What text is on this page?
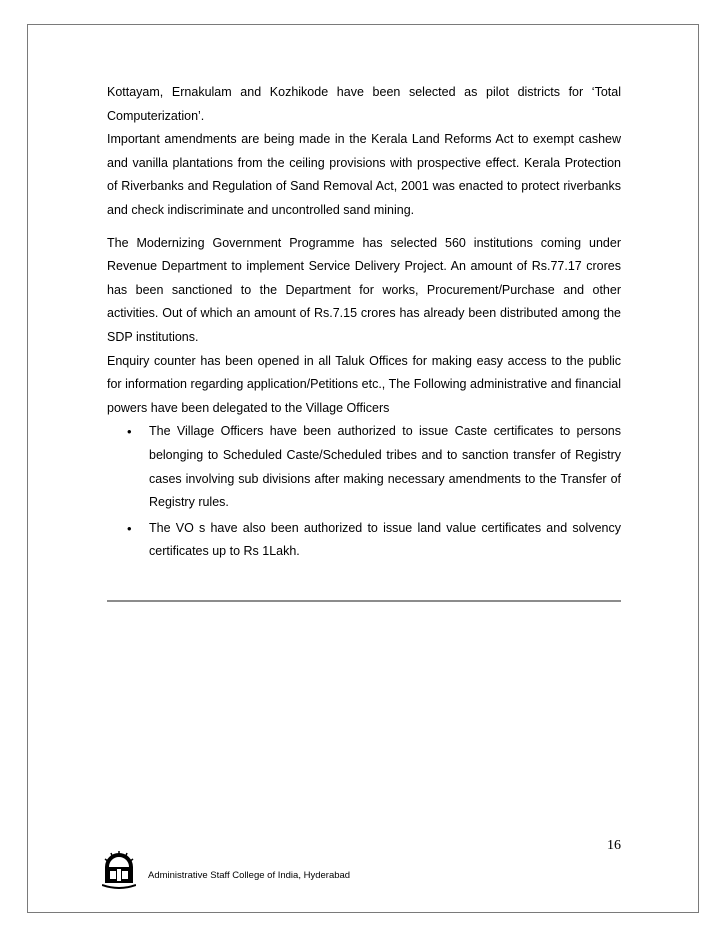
Kottayam, Ernakulam and Kozhikode have been selected as pilot districts for ‘Total Computerization’.

Important amendments are being made in the Kerala Land Reforms Act to exempt cashew and vanilla plantations from the ceiling provisions with prospective effect. Kerala Protection of Riverbanks and Regulation of Sand Removal Act, 2001 was enacted to protect riverbanks and check indiscriminate and uncontrolled sand mining.

The Modernizing Government Programme has selected 560 institutions coming under Revenue Department to implement Service Delivery Project. An amount of Rs.77.17 crores has been sanctioned to the Department for works, Procurement/Purchase and other activities. Out of which an amount of Rs.7.15 crores has already been distributed among the SDP institutions.

Enquiry counter has been opened in all Taluk Offices for making easy access to the public for information regarding application/Petitions etc., The Following administrative and financial powers have been delegated to the Village Officers

• The Village Officers have been authorized to issue Caste certificates to persons belonging to Scheduled Caste/Scheduled tribes and to sanction transfer of Registry cases involving sub divisions after making necessary amendments to the Transfer of Registry rules.
• The VO s have also been authorized to issue land value certificates and solvency certificates up to Rs 1Lakh.
16
Administrative Staff College of India, Hyderabad
